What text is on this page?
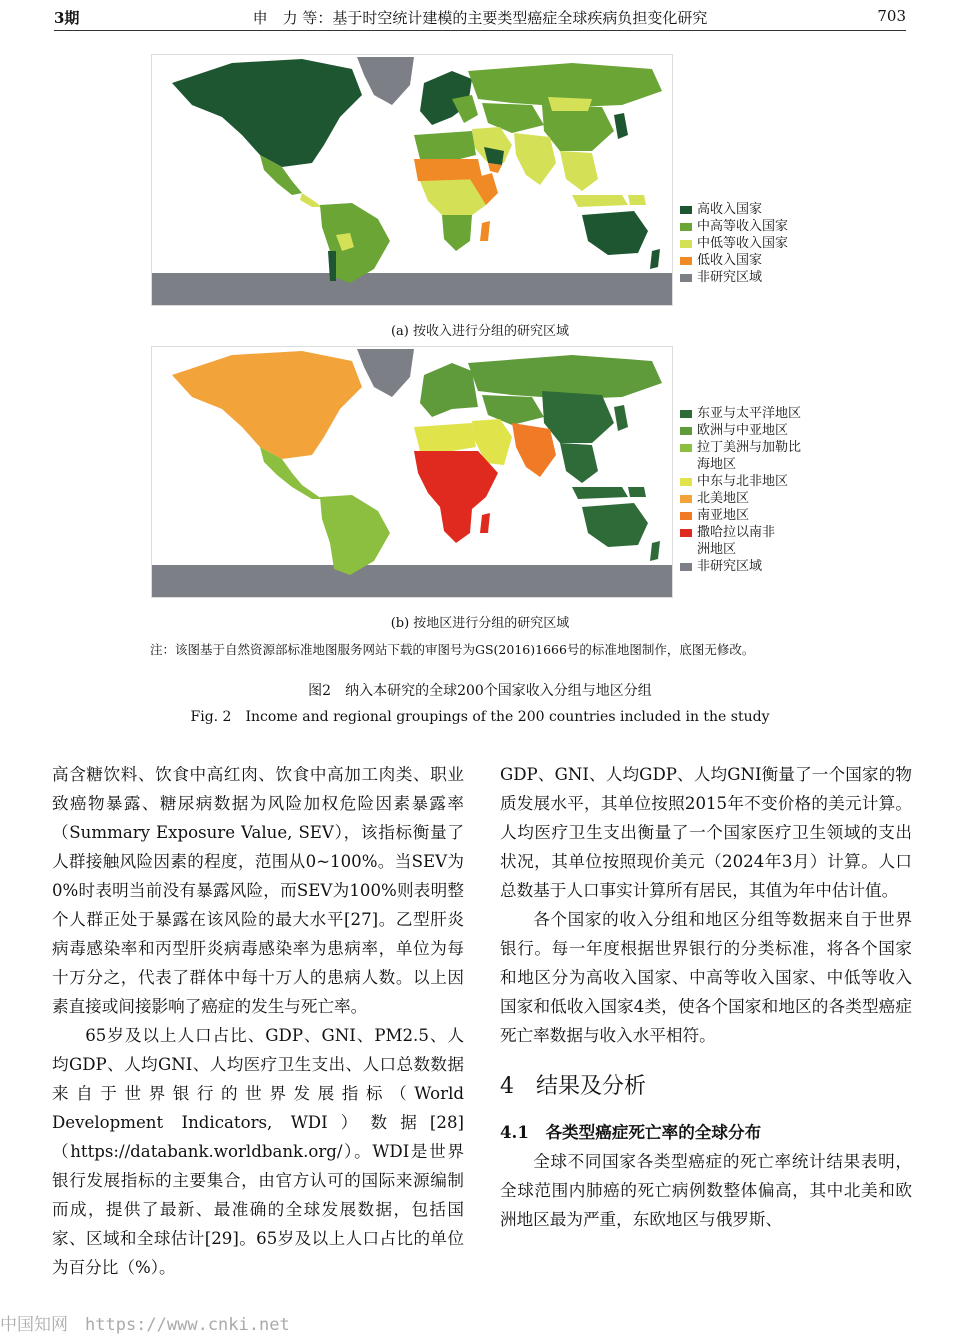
3期	申　力 等：基于时空统计建模的主要类型癌症全球疾病负担变化研究	703
高收入国家
中高等收入国家
中低等收入国家
低收入国家
非研究区域
(a) 按收入进行分组的研究区域
东亚与太平洋地区
欧洲与中亚地区
拉丁美洲与加勒比海地区
中东与北非地区
北美地区
南亚地区
撒哈拉以南非洲地区
非研究区域
(b) 按地区进行分组的研究区域
注：该图基于自然资源部标准地图服务网站下载的审图号为GS(2016)1666号的标准地图制作，底图无修改。
图2　纳入本研究的全球200个国家收入分组与地区分组
Fig. 2　Income and regional groupings of the 200 countries included in the study

高含糖饮料、饮食中高红肉、饮食中高加工肉类、职业致癌物暴露、糖尿病数据为风险加权危险因素暴露率（Summary Exposure Value, SEV），该指标衡量了人群接触风险因素的程度，范围从0~100%。当SEV为0%时表明当前没有暴露风险，而SEV为100%则表明整个人群正处于暴露在该风险的最大水平[27]。乙型肝炎病毒感染率和丙型肝炎病毒感染率为患病率，单位为每十万分之，代表了群体中每十万人的患病人数。以上因素直接或间接影响了癌症的发生与死亡率。

65岁及以上人口占比、GDP、GNI、PM2.5、人均GDP、人均GNI、人均医疗卫生支出、人口总数数据来自于世界银行的世界发展指标（World Development Indicators, WDI）数据[28]（https://databank.worldbank.org/）。WDI是世界银行发展指标的主要集合，由官方认可的国际来源编制而成，提供了最新、最准确的全球发展数据，包括国家、区域和全球估计[29]。65岁及以上人口占比的单位为百分比（%）。

GDP、GNI、人均GDP、人均GNI衡量了一个国家的物质发展水平，其单位按照2015年不变价格的美元计算。人均医疗卫生支出衡量了一个国家医疗卫生领域的支出状况，其单位按照现价美元（2024年3月）计算。人口总数基于人口事实计算所有居民，其值为年中估计值。

各个国家的收入分组和地区分组等数据来自于世界银行。每一年度根据世界银行的分类标准，将各个国家和地区分为高收入国家、中高等收入国家、中低等收入国家和低收入国家4类，使各个国家和地区的各类型癌症死亡率数据与收入水平相符。

4　结果及分析

4.1　各类型癌症死亡率的全球分布

全球不同国家各类型癌症的死亡率统计结果表明，全球范围内肺癌的死亡病例数整体偏高，其中北美和欧洲地区最为严重，东欧地区与俄罗斯、

中国知网　https://www.cnki.net
